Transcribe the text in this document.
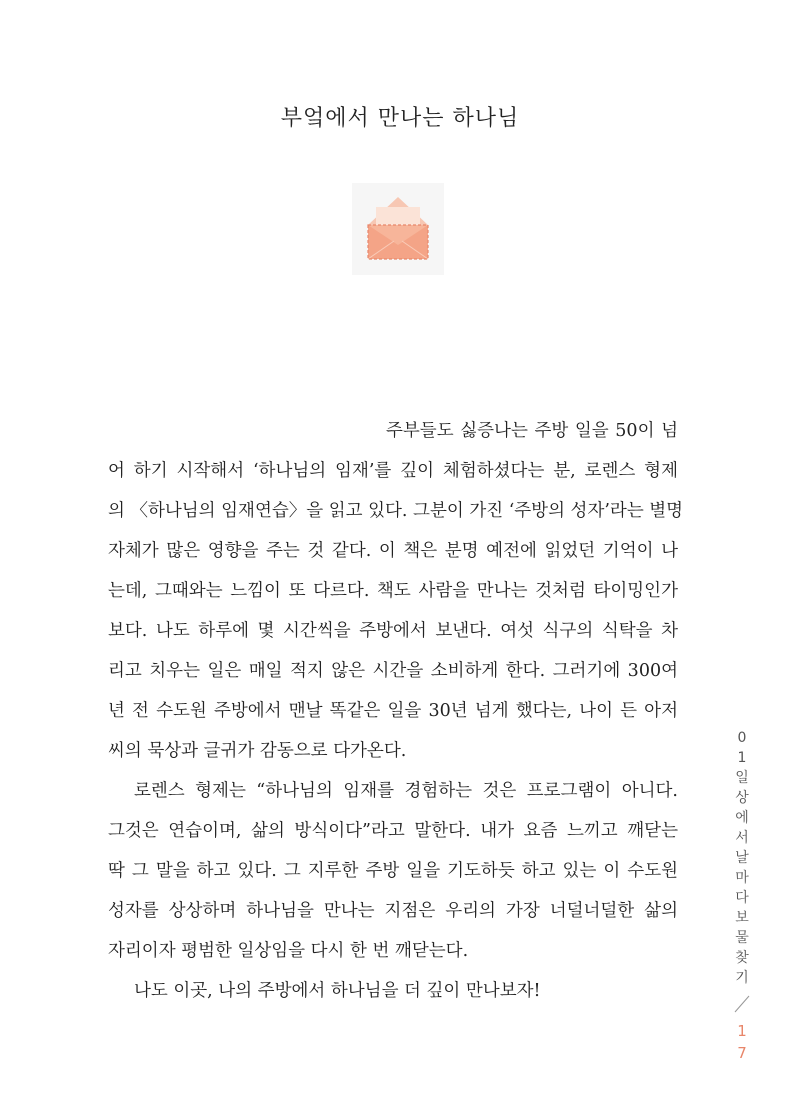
부엌에서 만나는 하나님
주부들도 싫증나는 주방 일을 50이 넘
어 하기 시작해서 ‘하나님의 임재’를 깊이 체험하셨다는 분, 로렌스 형제
의 〈하나님의 임재연습〉을 읽고 있다. 그분이 가진 ‘주방의 성자’라는 별명
자체가 많은 영향을 주는 것 같다. 이 책은 분명 예전에 읽었던 기억이 나
는데, 그때와는 느낌이 또 다르다. 책도 사람을 만나는 것처럼 타이밍인가
보다. 나도 하루에 몇 시간씩을 주방에서 보낸다. 여섯 식구의 식탁을 차
리고 치우는 일은 매일 적지 않은 시간을 소비하게 한다. 그러기에 300여
년 전 수도원 주방에서 맨날 똑같은 일을 30년 넘게 했다는, 나이 든 아저
씨의 묵상과 글귀가 감동으로 다가온다.
로렌스 형제는 “하나님의 임재를 경험하는 것은 프로그램이 아니다.
그것은 연습이며, 삶의 방식이다”라고 말한다. 내가 요즘 느끼고 깨닫는
딱 그 말을 하고 있다. 그 지루한 주방 일을 기도하듯 하고 있는 이 수도원
성자를 상상하며 하나님을 만나는 지점은 우리의 가장 너덜너덜한 삶의
자리이자 평범한 일상임을 다시 한 번 깨닫는다.
나도 이곳, 나의 주방에서 하나님을 더 깊이 만나보자!
0
1
일
상
에
서
날
마
다
보
물
찾
기
1
7
